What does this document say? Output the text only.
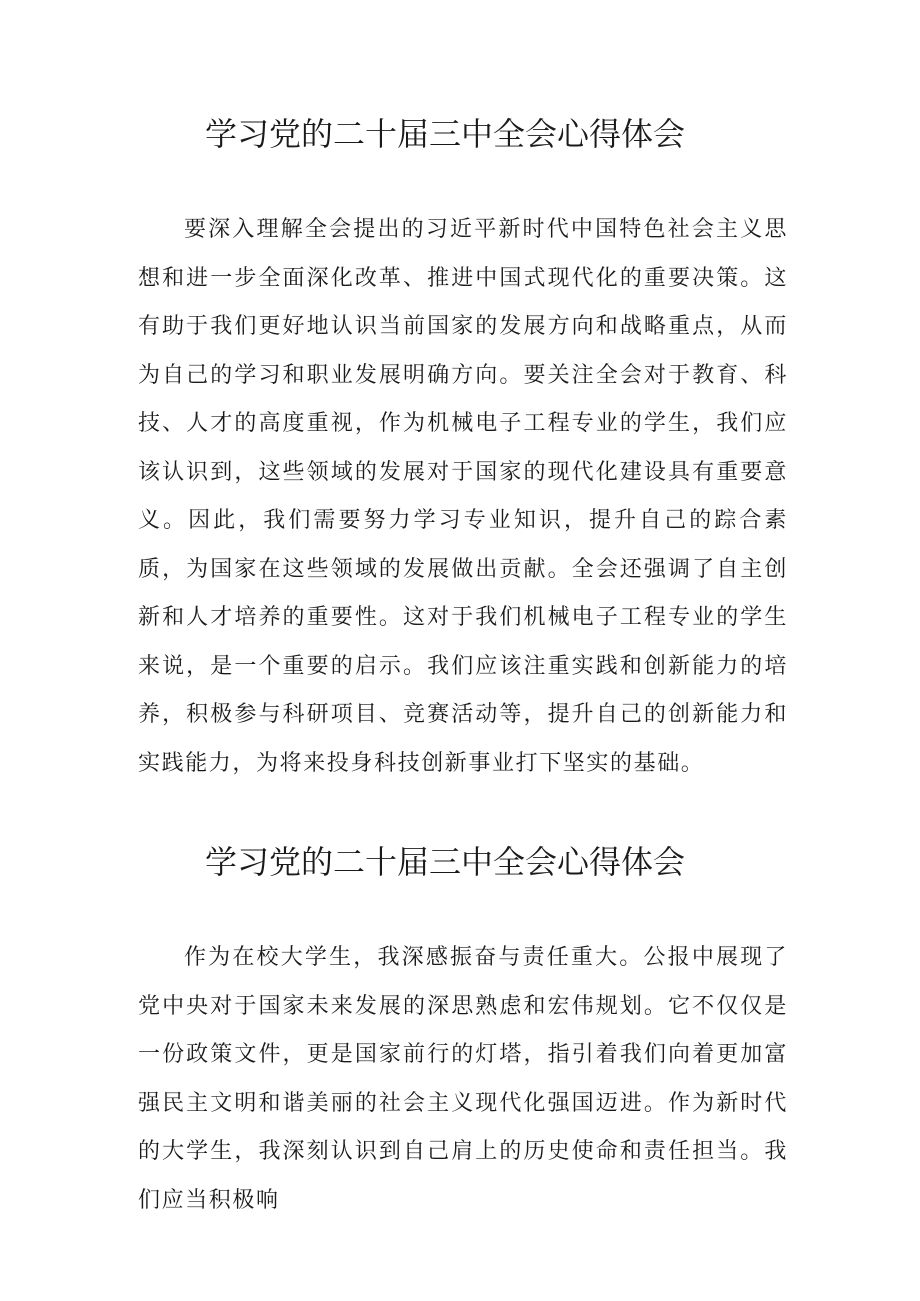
学习党的二十届三中全会心得体会

要深入理解全会提出的习近平新时代中国特色社会主义思想和进一步全面深化改革、推进中国式现代化的重要决策。这有助于我们更好地认识当前国家的发展方向和战略重点，从而为自己的学习和职业发展明确方向。要关注全会对于教育、科技、人才的高度重视，作为机械电子工程专业的学生，我们应该认识到，这些领域的发展对于国家的现代化建设具有重要意义。因此，我们需要努力学习专业知识，提升自己的踪合素质，为国家在这些领域的发展做出贡献。全会还强调了自主创新和人才培养的重要性。这对于我们机械电子工程专业的学生来说，是一个重要的启示。我们应该注重实践和创新能力的培养，积极参与科研项目、竞赛活动等，提升自己的创新能力和实践能力，为将来投身科技创新事业打下坚实的基础。

学习党的二十届三中全会心得体会

作为在校大学生，我深感振奋与责任重大。公报中展现了党中央对于国家未来发展的深思熟虑和宏伟规划。它不仅仅是一份政策文件，更是国家前行的灯塔，指引着我们向着更加富强民主文明和谐美丽的社会主义现代化强国迈进。作为新时代的大学生，我深刻认识到自己肩上的历史使命和责任担当。我们应当积极响
